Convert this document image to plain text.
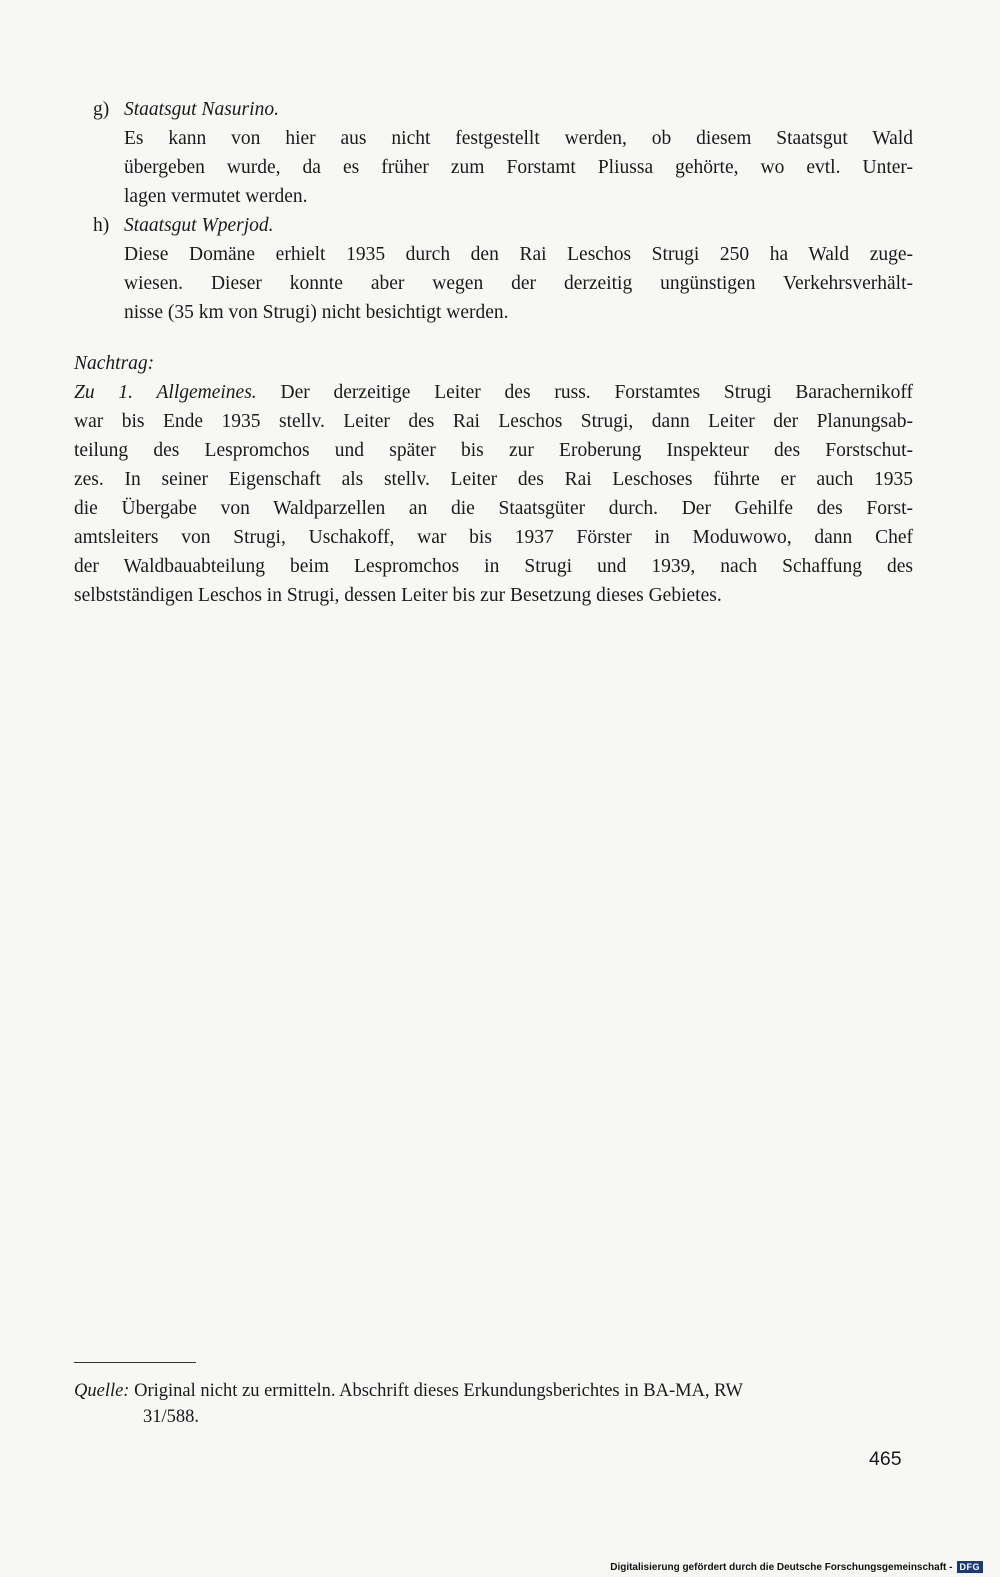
g) Staatsgut Nasurino.
Es kann von hier aus nicht festgestellt werden, ob diesem Staatsgut Wald
übergeben wurde, da es früher zum Forstamt Pliussa gehörte, wo evtl. Unter-
lagen vermutet werden.
h) Staatsgut Wperjod.
Diese Domäne erhielt 1935 durch den Rai Leschos Strugi 250 ha Wald zuge-
wiesen. Dieser konnte aber wegen der derzeitig ungünstigen Verkehrsverhält-
nisse (35 km von Strugi) nicht besichtigt werden.
Nachtrag:
Zu 1. Allgemeines. Der derzeitige Leiter des russ. Forstamtes Strugi Barachernikoff
war bis Ende 1935 stellv. Leiter des Rai Leschos Strugi, dann Leiter der Planungsab-
teilung des Lespromchos und später bis zur Eroberung Inspekteur des Forstschut-
zes. In seiner Eigenschaft als stellv. Leiter des Rai Leschoses führte er auch 1935
die Übergabe von Waldparzellen an die Staatsgüter durch. Der Gehilfe des Forst-
amtsleiters von Strugi, Uschakoff, war bis 1937 Förster in Moduwowo, dann Chef
der Waldbauabteilung beim Lespromchos in Strugi und 1939, nach Schaffung des
selbstständigen Leschos in Strugi, dessen Leiter bis zur Besetzung dieses Gebietes.
Quelle: Original nicht zu ermitteln. Abschrift dieses Erkundungsberichtes in BA-MA, RW
31/588.
465
Digitalisierung gefördert durch die Deutsche Forschungsgemeinschaft - DFG
